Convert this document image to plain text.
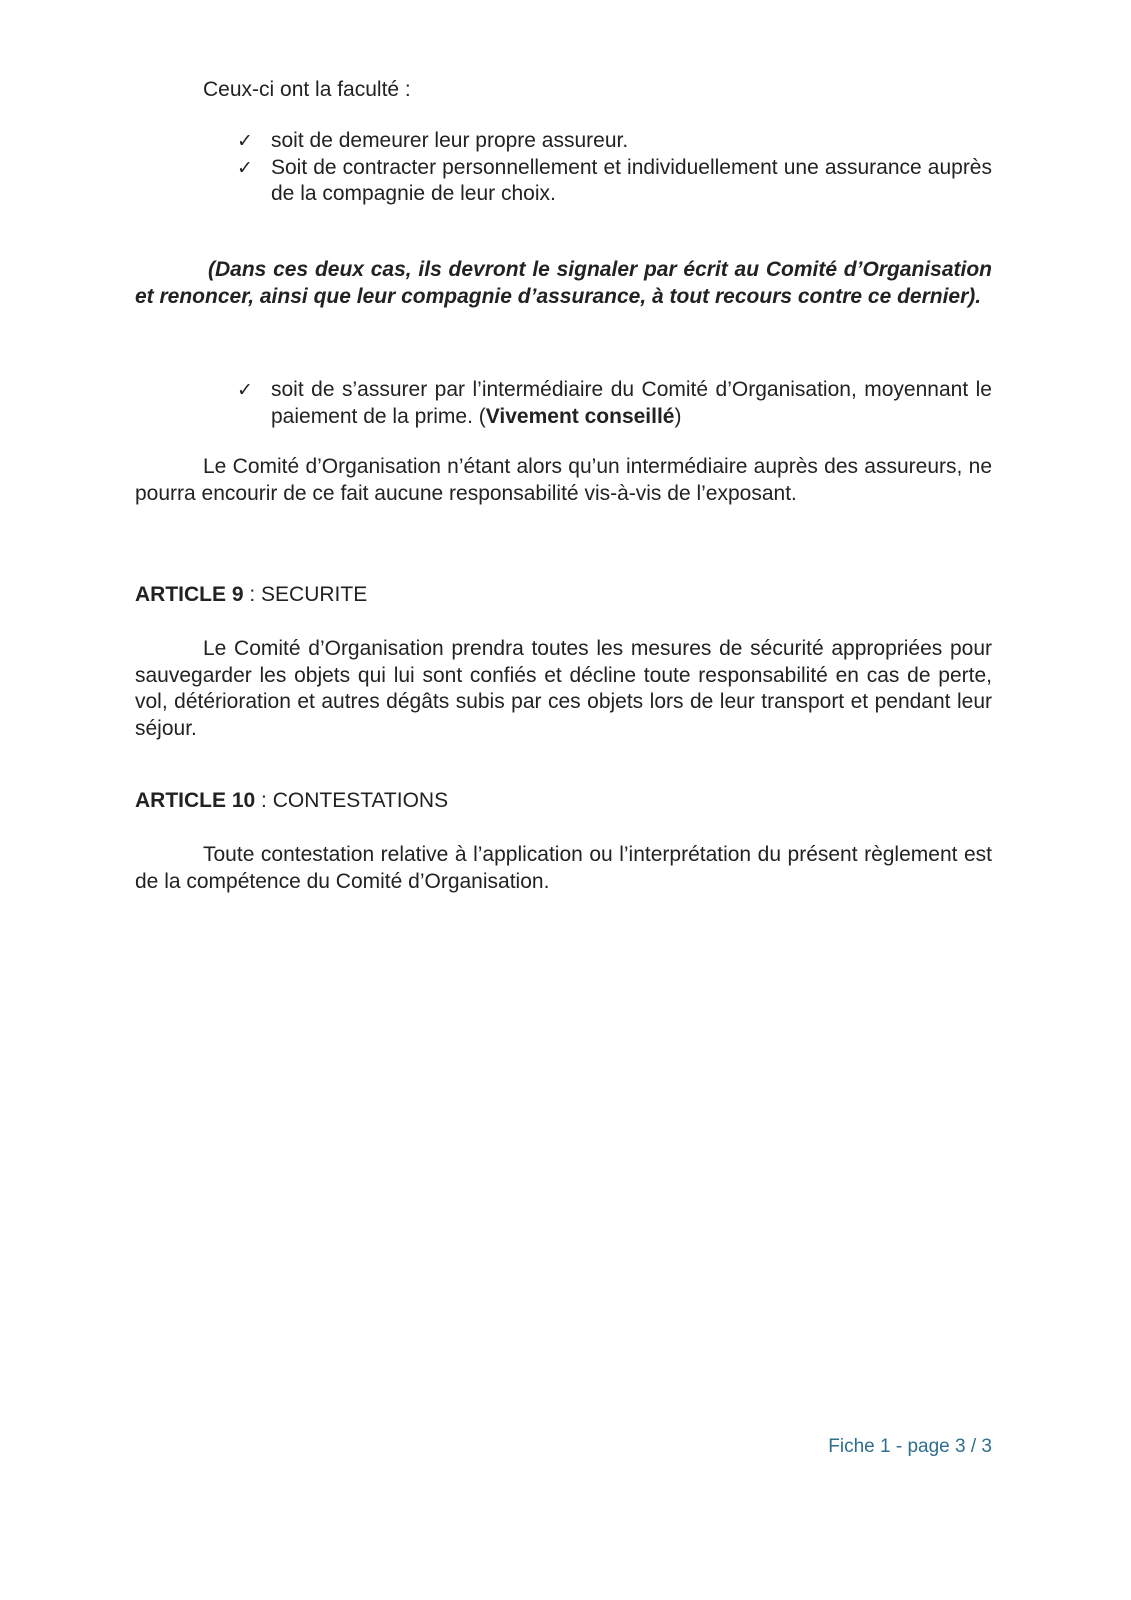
Ceux-ci ont la faculté :

✓ soit de demeurer leur propre assureur.
✓ Soit de contracter personnellement et individuellement une assurance auprès de la compagnie de leur choix.

(Dans ces deux cas, ils devront le signaler par écrit au Comité d’Organisation et renoncer, ainsi que leur compagnie d’assurance, à tout recours contre ce dernier).

✓ soit de s’assurer par l’intermédiaire du Comité d’Organisation, moyennant le paiement de la prime. (Vivement conseillé)

Le Comité d’Organisation n’étant alors qu’un intermédiaire auprès des assureurs, ne pourra encourir de ce fait aucune responsabilité vis-à-vis de l’exposant.

ARTICLE 9 : SECURITE

Le Comité d’Organisation prendra toutes les mesures de sécurité appropriées pour sauvegarder les objets qui lui sont confiés et décline toute responsabilité en cas de perte, vol, détérioration et autres dégâts subis par ces objets lors de leur transport et pendant leur séjour.

ARTICLE 10 : CONTESTATIONS

Toute contestation relative à l’application ou l’interprétation du présent règlement est de la compétence du Comité d’Organisation.

Fiche 1 - page 3 / 3
